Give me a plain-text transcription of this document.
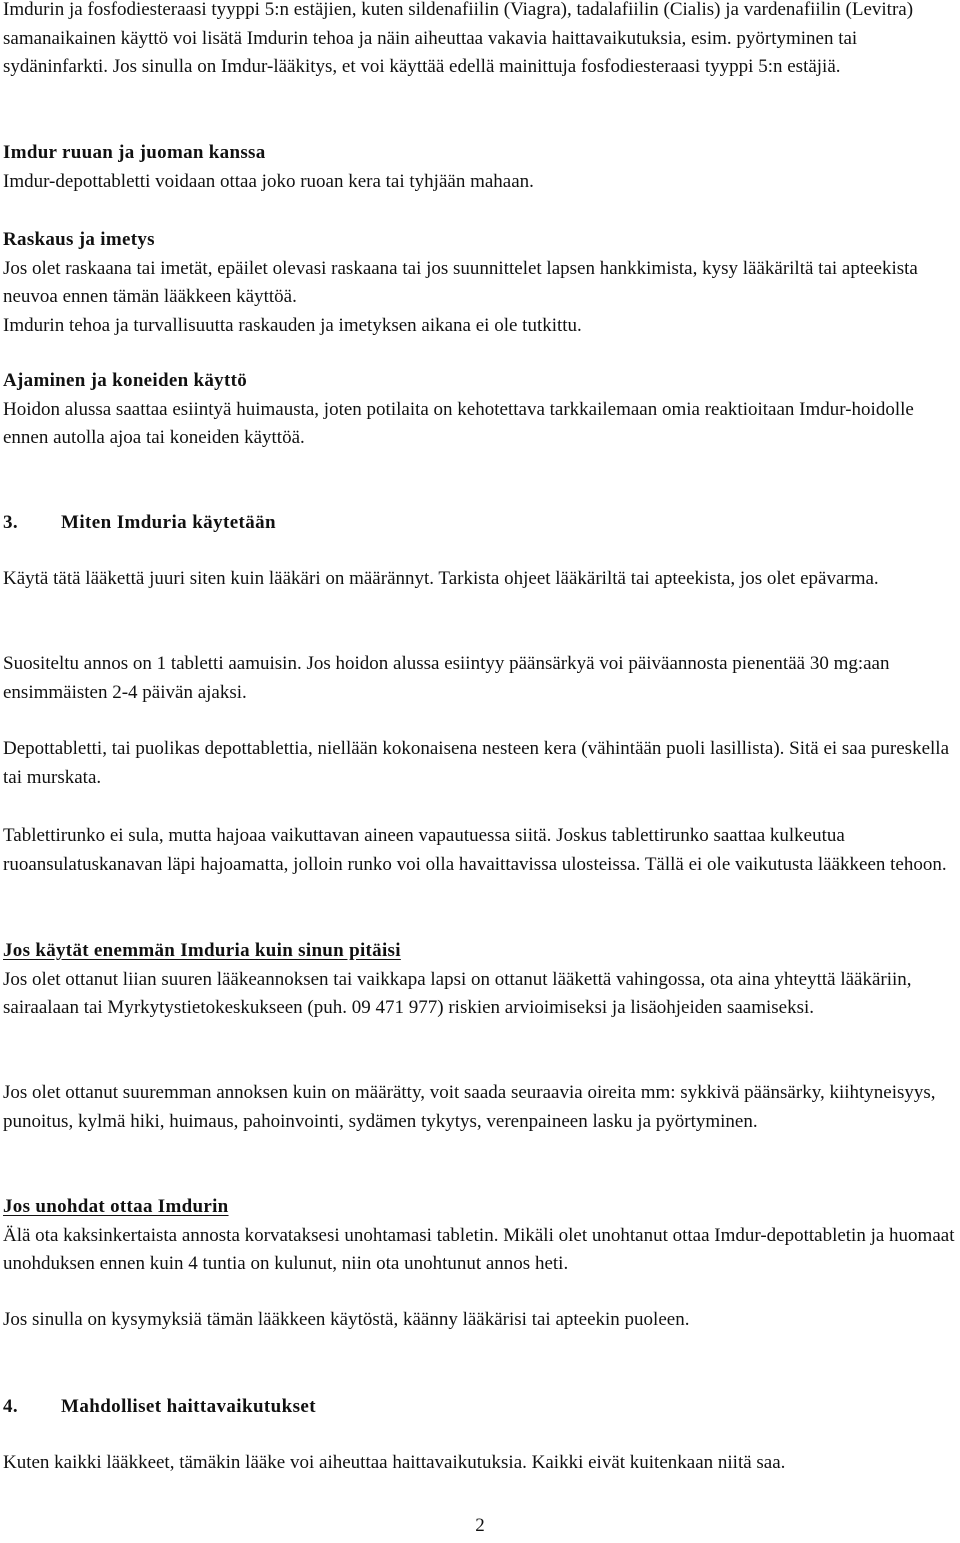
Imdurin ja fosfodiesteraasi tyyppi 5:n estäjien, kuten sildenafiilin (Viagra), tadalafiilin (Cialis) ja vardenafiilin (Levitra) samanaikainen käyttö voi lisätä Imdurin tehoa ja näin aiheuttaa vakavia haittavaikutuksia, esim. pyörtyminen tai sydäninfarkti. Jos sinulla on Imdur-lääkitys, et voi käyttää edellä mainittuja fosfodiesteraasi tyyppi 5:n estäjiä.

Imdur ruuan ja juoman kanssa

Imdur-depottabletti voidaan ottaa joko ruoan kera tai tyhjään mahaan.

Raskaus ja imetys

Jos olet raskaana tai imetät, epäilet olevasi raskaana tai jos suunnittelet lapsen hankkimista, kysy lääkäriltä tai apteekista neuvoa ennen tämän lääkkeen käyttöä.

Imdurin tehoa ja turvallisuutta raskauden ja imetyksen aikana ei ole tutkittu.

Ajaminen ja koneiden käyttö

Hoidon alussa saattaa esiintyä huimausta, joten potilaita on kehotettava tarkkailemaan omia reaktioitaan Imdur-hoidolle ennen autolla ajoa tai koneiden käyttöä.

3. Miten Imduria käytetään

Käytä tätä lääkettä juuri siten kuin lääkäri on määrännyt. Tarkista ohjeet lääkäriltä tai apteekista, jos olet epävarma.

Suositeltu annos on 1 tabletti aamuisin. Jos hoidon alussa esiintyy päänsärkyä voi päiväannosta pienentää 30 mg:aan ensimmäisten 2-4 päivän ajaksi.

Depottabletti, tai puolikas depottablettia, niellään kokonaisena nesteen kera (vähintään puoli lasillista). Sitä ei saa pureskella tai murskata.

Tablettirunko ei sula, mutta hajoaa vaikuttavan aineen vapautuessa siitä. Joskus tablettirunko saattaa kulkeutua ruoansulatuskanavan läpi hajoamatta, jolloin runko voi olla havaittavissa ulosteissa. Tällä ei ole vaikutusta lääkkeen tehoon.

Jos käytät enemmän Imduria kuin sinun pitäisi

Jos olet ottanut liian suuren lääkeannoksen tai vaikkapa lapsi on ottanut lääkettä vahingossa, ota aina yhteyttä lääkäriin, sairaalaan tai Myrkytystietokeskukseen (puh. 09 471 977) riskien arvioimiseksi ja lisäohjeiden saamiseksi.

Jos olet ottanut suuremman annoksen kuin on määrätty, voit saada seuraavia oireita mm: sykkivä päänsärky, kiihtyneisyys, punoitus, kylmä hiki, huimaus, pahoinvointi, sydämen tykytys, verenpaineen lasku ja pyörtyminen.

Jos unohdat ottaa Imdurin

Älä ota kaksinkertaista annosta korvataksesi unohtamasi tabletin. Mikäli olet unohtanut ottaa Imdur-depottabletin ja huomaat unohduksen ennen kuin 4 tuntia on kulunut, niin ota unohtunut annos heti.

Jos sinulla on kysymyksiä tämän lääkkeen käytöstä, käänny lääkärisi tai apteekin puoleen.

4. Mahdolliset haittavaikutukset

Kuten kaikki lääkkeet, tämäkin lääke voi aiheuttaa haittavaikutuksia. Kaikki eivät kuitenkaan niitä saa.

2
